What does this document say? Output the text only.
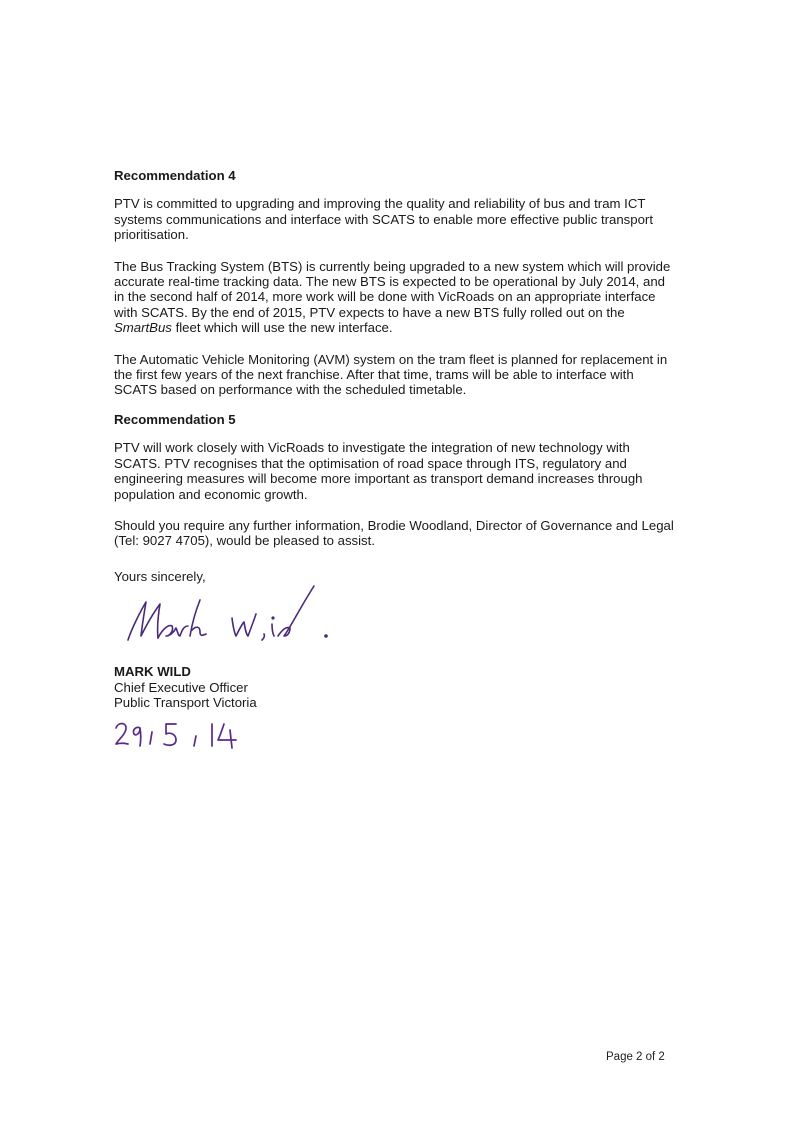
Recommendation 4

PTV is committed to upgrading and improving the quality and reliability of bus and tram ICT systems communications and interface with SCATS to enable more effective public transport prioritisation.

The Bus Tracking System (BTS) is currently being upgraded to a new system which will provide accurate real-time tracking data. The new BTS is expected to be operational by July 2014, and in the second half of 2014, more work will be done with VicRoads on an appropriate interface with SCATS. By the end of 2015, PTV expects to have a new BTS fully rolled out on the SmartBus fleet which will use the new interface.

The Automatic Vehicle Monitoring (AVM) system on the tram fleet is planned for replacement in the first few years of the next franchise. After that time, trams will be able to interface with SCATS based on performance with the scheduled timetable.

Recommendation 5

PTV will work closely with VicRoads to investigate the integration of new technology with SCATS. PTV recognises that the optimisation of road space through ITS, regulatory and engineering measures will become more important as transport demand increases through population and economic growth.

Should you require any further information, Brodie Woodland, Director of Governance and Legal (Tel: 9027 4705), would be pleased to assist.

Yours sincerely,

MARK WILD
Chief Executive Officer
Public Transport Victoria
Page 2 of 2
